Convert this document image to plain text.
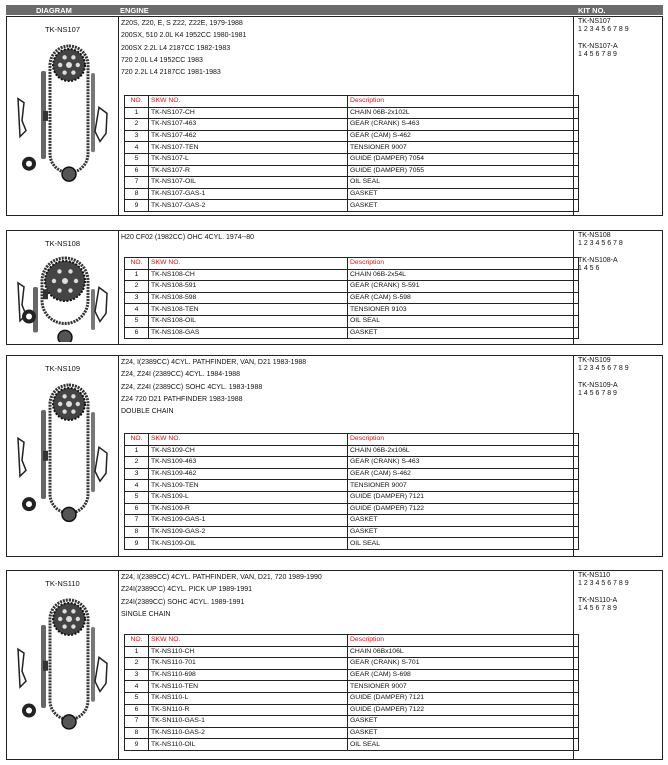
DIAGRAM	ENGINE	KIT NO.
TK-NS107
Z20S, Z20, E, S Z22, Z22E, 1979-1988
200SX, 510 2.0L K4 1952CC 1980-1981
200SX 2.2L L4 2187CC 1982-1983
720 2.0L L4 1952CC 1983
720 2.2L L4 2187CC 1981-1983
TK-NS107
1 2 3 4 5 6 7 8 9
TK-NS107-A
1 4 5 6 7 8 9
NO.	SKW NO.	Description
1	TK-NS107-CH	CHAIN 06B-2x102L
2	TK-NS107-463	GEAR (CRANK) S-463
3	TK-NS107-462	GEAR (CAM) S-462
4	TK-NS107-TEN	TENSIONER 9007
5	TK-NS107-L	GUIDE (DAMPER) 7054
6	TK-NS107-R	GUIDE (DAMPER) 7055
7	TK-NS107-OIL	OIL SEAL
8	TK-NS107-GAS-1	GASKET
9	TK-NS107-GAS-2	GASKET
TK-NS108
H20 CF02 (1982CC) OHC 4CYL. 1974--80	TK-NS108
1 2 3 4 5 6 7 8
TK-NS108-A
1 4 5 6
NO.	SKW NO.	Description
1	TK-NS108-CH	CHAIN 06B-2x54L
2	TK-NS108-591	GEAR (CRANK) S-591
3	TK-NS108-598	GEAR (CAM) S-598
4	TK-NS108-TEN	TENSIONER 9103
5	TK-NS108-OIL	OIL SEAL
6	TK-NS108-GAS	GASKET
TK-NS109
Z24, I(2389CC) 4CYL. PATHFINDER, VAN, D21 1983-1988
Z24, Z24I (2389CC) 4CYL. 1984-1988
Z24, Z24I (2389CC) SOHC 4CYL. 1983-1988
Z24 720 D21 PATHFINDER 1983-1988
DOUBLE CHAIN
TK-NS109
1 2 3 4 5 6 7 8 9
TK-NS109-A
1 4 5 6 7 8 9
NO.	SKW NO.	Description
1	TK-NS109-CH	CHAIN 06B-2x106L
2	TK-NS109-463	GEAR (CRANK) S-463
3	TK-NS109-462	GEAR (CAM) S-462
4	TK-NS109-TEN	TENSIONER 9007
5	TK-NS109-L	GUIDE (DAMPER) 7121
6	TK-NS109-R	GUIDE (DAMPER) 7122
7	TK-NS109-GAS-1	GASKET
8	TK-NS109-GAS-2	GASKET
9	TK-NS109-OIL	OIL SEAL
TK-NS110
Z24, I(2389CC) 4CYL. PATHFINDER, VAN, D21, 720 1989-1990
Z24I(2389CC) 4CYL. PICK UP 1989-1991
Z24I(2389CC) SOHC 4CYL. 1989-1991
SINGLE CHAIN
TK-NS110
1 2 3 4 5 6 7 8 9
TK-NS110-A
1 4 5 6 7 8 9
NO.	SKW NO.	Description
1	TK-NS110-CH	CHAIN 06Bx106L
2	TK-NS110-701	GEAR (CRANK) S-701
3	TK-NS110-698	GEAR (CAM) S-698
4	TK-NS110-TEN	TENSIONER 9007
5	TK-NS110-L	GUIDE (DAMPER) 7121
6	TK-SN110-R	GUIDE (DAMPER) 7122
7	TK-SN110-GAS-1	GASKET
8	TK-NS110-GAS-2	GASKET
9	TK-NS110-OIL	OIL SEAL
